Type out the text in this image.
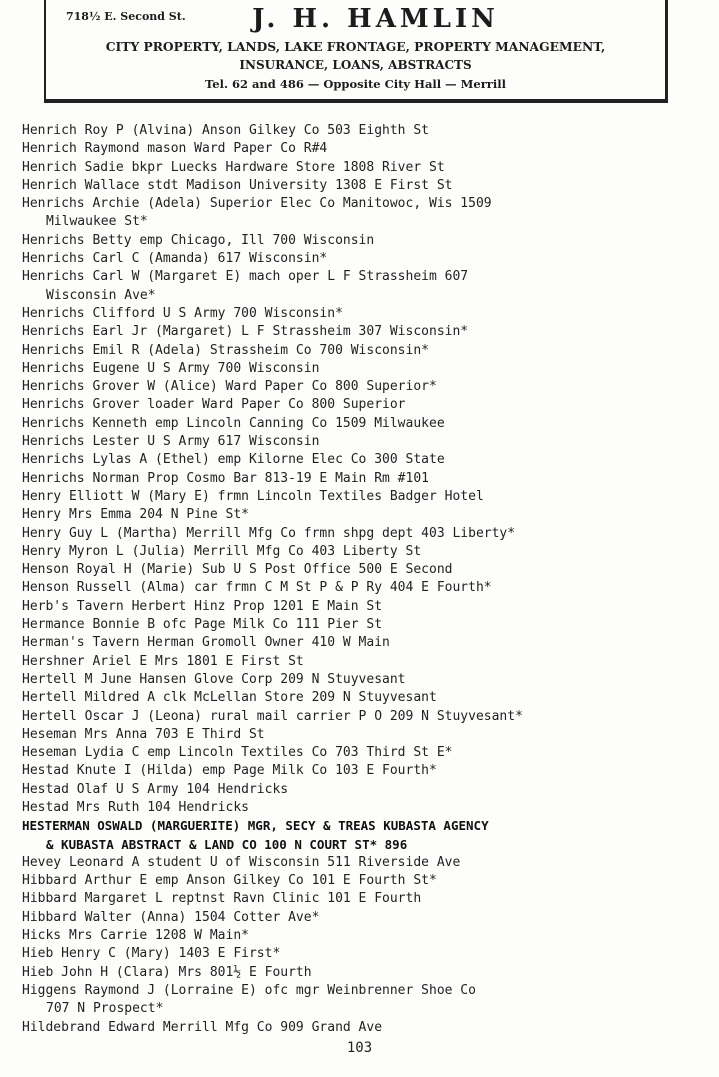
718½ E. Second St.	J. H. HAMLIN
CITY PROPERTY, LANDS, LAKE FRONTAGE, PROPERTY MANAGEMENT,
INSURANCE, LOANS, ABSTRACTS
Tel. 62 and 486 — Opposite City Hall — Merrill
Henrich Roy P (Alvina) Anson Gilkey Co 503 Eighth St
Henrich Raymond mason Ward Paper Co R#4
Henrich Sadie bkpr Luecks Hardware Store 1808 River St
Henrich Wallace stdt Madison University 1308 E First St
Henrichs Archie (Adela) Superior Elec Co Manitowoc, Wis 1509
Milwaukee St*
Henrichs Betty emp Chicago, Ill 700 Wisconsin
Henrichs Carl C (Amanda) 617 Wisconsin*
Henrichs Carl W (Margaret E) mach oper L F Strassheim 607
Wisconsin Ave*
Henrichs Clifford U S Army 700 Wisconsin*
Henrichs Earl Jr (Margaret) L F Strassheim 307 Wisconsin*
Henrichs Emil R (Adela) Strassheim Co 700 Wisconsin*
Henrichs Eugene U S Army 700 Wisconsin
Henrichs Grover W (Alice) Ward Paper Co 800 Superior*
Henrichs Grover loader Ward Paper Co 800 Superior
Henrichs Kenneth emp Lincoln Canning Co 1509 Milwaukee
Henrichs Lester U S Army 617 Wisconsin
Henrichs Lylas A (Ethel) emp Kilorne Elec Co 300 State
Henrichs Norman Prop Cosmo Bar 813-19 E Main Rm #101
Henry Elliott W (Mary E) frmn Lincoln Textiles Badger Hotel
Henry Mrs Emma 204 N Pine St*
Henry Guy L (Martha) Merrill Mfg Co frmn shpg dept 403 Liberty*
Henry Myron L (Julia) Merrill Mfg Co 403 Liberty St
Henson Royal H (Marie) Sub U S Post Office 500 E Second
Henson Russell (Alma) car frmn C M St P & P Ry 404 E Fourth*
Herb's Tavern Herbert Hinz Prop 1201 E Main St
Hermance Bonnie B ofc Page Milk Co 111 Pier St
Herman's Tavern Herman Gromoll Owner 410 W Main
Hershner Ariel E Mrs 1801 E First St
Hertell M June Hansen Glove Corp 209 N Stuyvesant
Hertell Mildred A clk McLellan Store 209 N Stuyvesant
Hertell Oscar J (Leona) rural mail carrier P O 209 N Stuyvesant*
Heseman Mrs Anna 703 E Third St
Heseman Lydia C emp Lincoln Textiles Co 703 Third St E*
Hestad Knute I (Hilda) emp Page Milk Co 103 E Fourth*
Hestad Olaf U S Army 104 Hendricks
Hestad Mrs Ruth 104 Hendricks
HESTERMAN OSWALD (MARGUERITE) MGR, SECY & TREAS KUBASTA AGENCY
& KUBASTA ABSTRACT & LAND CO 100 N COURT ST* 896
Hevey Leonard A student U of Wisconsin 511 Riverside Ave
Hibbard Arthur E emp Anson Gilkey Co 101 E Fourth St*
Hibbard Margaret L reptnst Ravn Clinic 101 E Fourth
Hibbard Walter (Anna) 1504 Cotter Ave*
Hicks Mrs Carrie 1208 W Main*
Hieb Henry C (Mary) 1403 E First*
Hieb John H (Clara) Mrs 801½ E Fourth
Higgens Raymond J (Lorraine E) ofc mgr Weinbrenner Shoe Co
707 N Prospect*
Hildebrand Edward Merrill Mfg Co 909 Grand Ave
103
